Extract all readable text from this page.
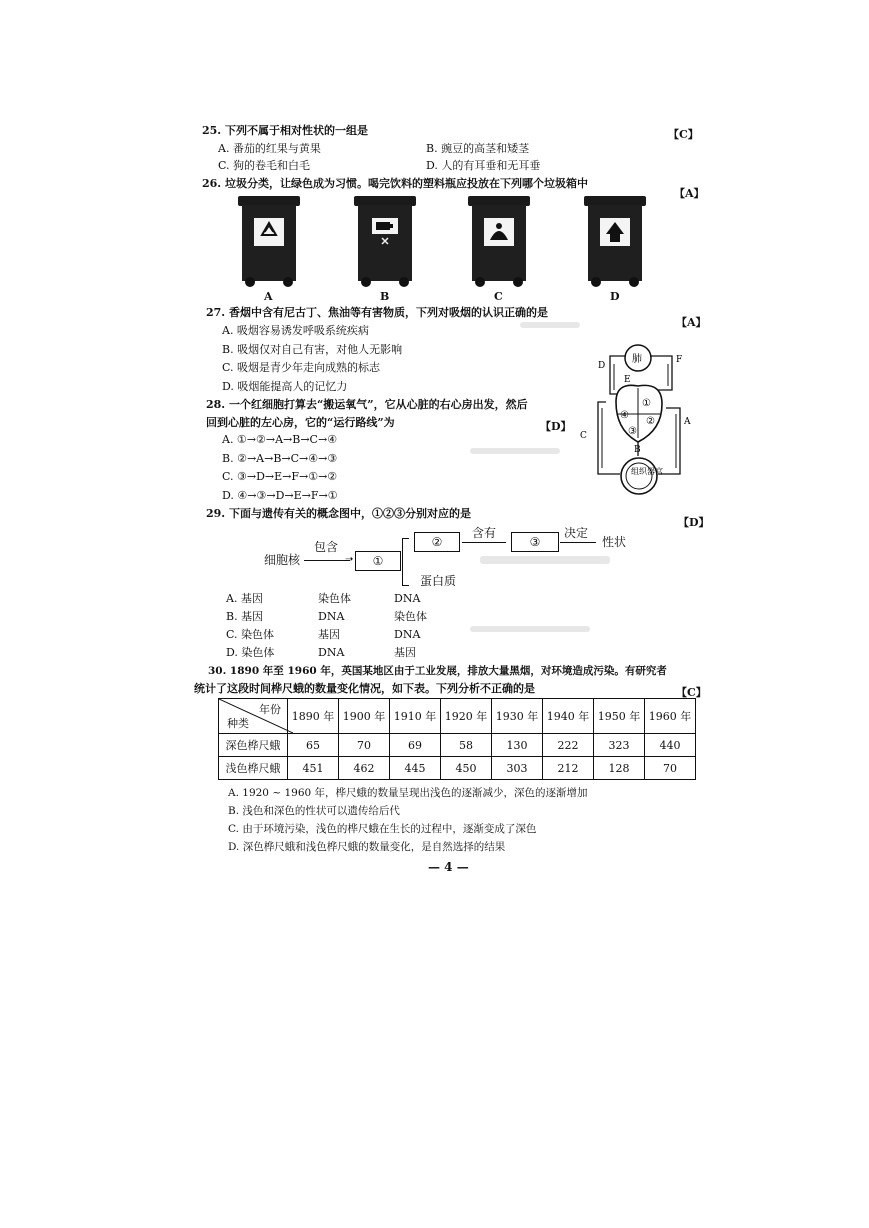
25. 下列不属于相对性状的一组是	【C】
A. 番茄的红果与黄果	B. 豌豆的高茎和矮茎
C. 狗的卷毛和白毛	D. 人的有耳垂和无耳垂
26. 垃圾分类，让绿色成为习惯。喝完饮料的塑料瓶应投放在下列哪个垃圾箱中
【A】
A	B	C	D
27. 香烟中含有尼古丁、焦油等有害物质，下列对吸烟的认识正确的是
【A】
A. 吸烟容易诱发呼吸系统疾病
B. 吸烟仅对自己有害，对他人无影响
C. 吸烟是青少年走向成熟的标志
D. 吸烟能提高人的记忆力
28. 一个红细胞打算去“搬运氧气”，它从心脏的右心房出发，然后
回到心脏的左心房，它的“运行路线”为	【D】
A. ①→②→A→B→C→④
B. ②→A→B→C→④→③
C. ③→D→E→F→①→②
D. ④→③→D→E→F→①
肺
①
②
③
④
组织器官
D
F
E
A
C
B
29. 下面与遗传有关的概念图中，①②③分别对应的是
【D】
细胞核
包含
➝	①
②
含有
③
决定
性状
蛋白质
A. 基因	染色体	DNA
B. 基因	DNA	染色体
C. 染色体	基因	DNA
D. 染色体	DNA	基因
30. 1890 年至 1960 年，英国某地区由于工业发展，排放大量黑烟，对环境造成污染。有研究者
统计了这段时间桦尺蛾的数量变化情况，如下表。下列分析不正确的是	【C】
年份
种类	1890 年	1900 年	1910 年	1920 年	1930 年	1940 年	1950 年	1960 年
深色桦尺蛾	65	70	69	58	130	222	323	440
浅色桦尺蛾	451	462	445	450	303	212	128	70
A. 1920 ~ 1960 年，桦尺蛾的数量呈现出浅色的逐渐减少，深色的逐渐增加
B. 浅色和深色的性状可以遗传给后代
C. 由于环境污染，浅色的桦尺蛾在生长的过程中，逐渐变成了深色
D. 深色桦尺蛾和浅色桦尺蛾的数量变化，是自然选择的结果
— 4 —
